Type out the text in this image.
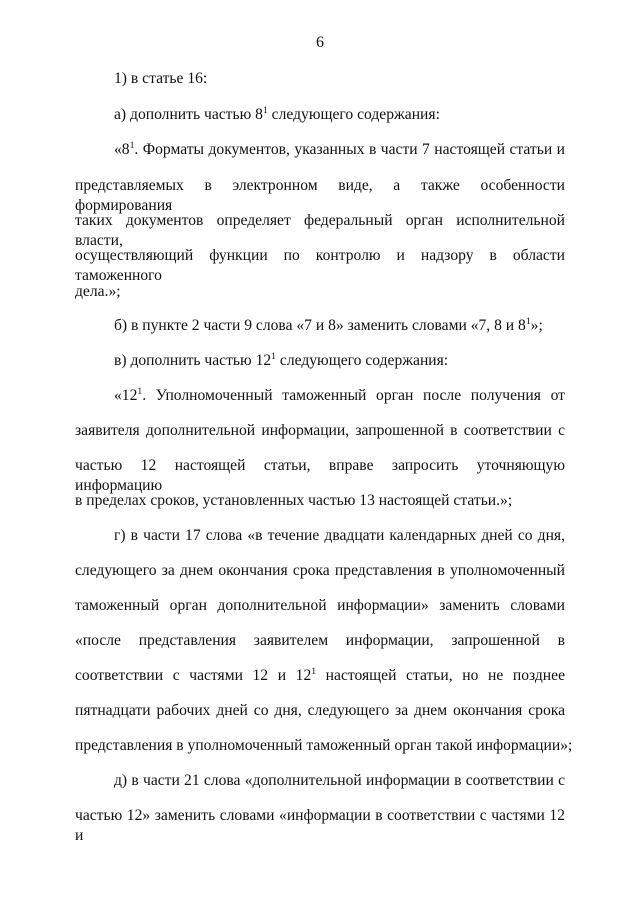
6
1) в статье 16:
а) дополнить частью $8^1$ следующего содержания:
«$8^1$. Форматы документов, указанных в части 7 настоящей статьи и
представляемых в электронном виде, а также особенности формирования
таких документов определяет федеральный орган исполнительной власти,
осуществляющий функции по контролю и надзору в области таможенного
дела.»;
б) в пункте 2 части 9 слова «7 и 8» заменить словами «7, 8 и $8^1$»;
в) дополнить частью $12^1$ следующего содержания:
«$12^1$. Уполномоченный таможенный орган после получения от
заявителя дополнительной информации, запрошенной в соответствии с
частью 12 настоящей статьи, вправе запросить уточняющую информацию
в пределах сроков, установленных частью 13 настоящей статьи.»;
г) в части 17 слова «в течение двадцати календарных дней со дня,
следующего за днем окончания срока представления в уполномоченный
таможенный орган дополнительной информации» заменить словами
«после представления заявителем информации, запрошенной в
соответствии с частями 12 и $12^1$ настоящей статьи, но не позднее
пятнадцати рабочих дней со дня, следующего за днем окончания срока
представления в уполномоченный таможенный орган такой информации»;
д) в части 21 слова «дополнительной информации в соответствии с
частью 12» заменить словами «информации в соответствии с частями 12 и
